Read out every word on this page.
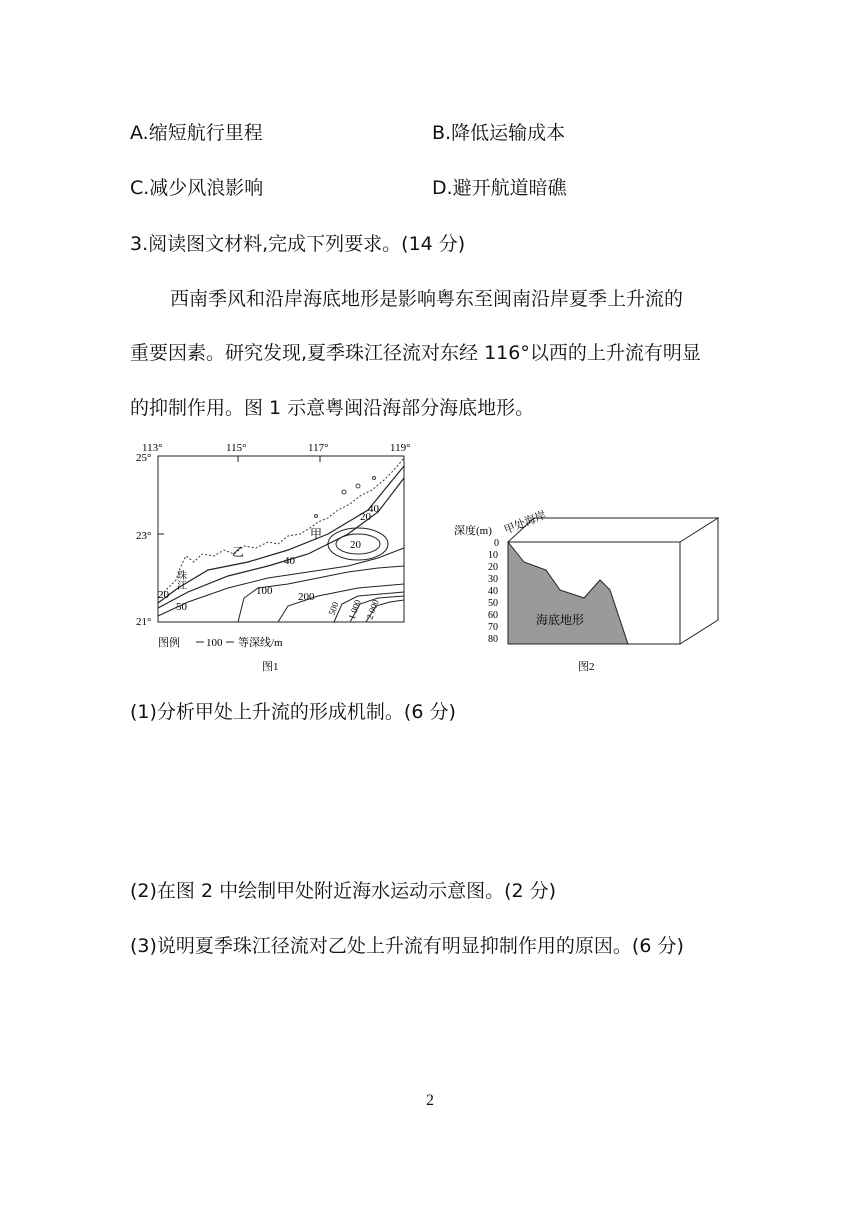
A.缩短航行里程	B.降低运输成本
C.减少风浪影响	D.避开航道暗礁
3.阅读图文材料,完成下列要求。(14 分)
西南季风和沿岸海底地形是影响粤东至闽南沿岸夏季上升流的
重要因素。研究发现,夏季珠江径流对东经 116°以西的上升流有明显
的抑制作用。图 1 示意粤闽沿海部分海底地形。
113°	115°	117°	119°
25°
23°
21°
20
40
20
40
20
50
100 200
500 1 000 2 000
甲
乙
珠江
图例 100 等深线/m
图1
海底地形
深度(m) 甲处海岸
0
10
20
30
40
50
60
70
80
图2
(1)分析甲处上升流的形成机制。(6 分)
(2)在图 2 中绘制甲处附近海水运动示意图。(2 分)
(3)说明夏季珠江径流对乙处上升流有明显抑制作用的原因。(6 分)
2
